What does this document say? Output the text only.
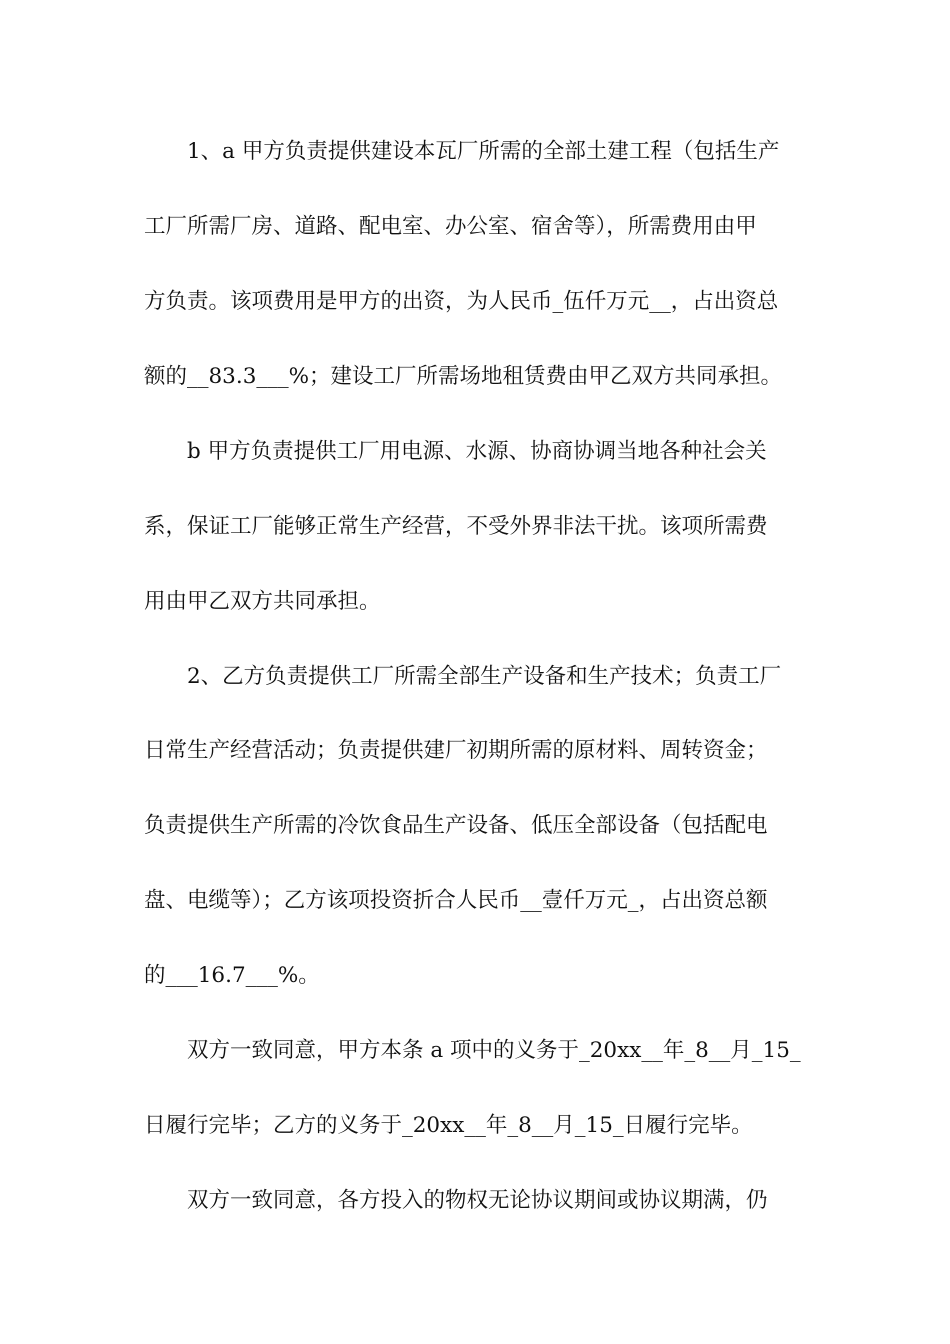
1、a 甲方负责提供建设本瓦厂所需的全部土建工程（包括生产
工厂所需厂房、道路、配电室、办公室、宿舍等），所需费用由甲
方负责。该项费用是甲方的出资，为人民币_伍仟万元__，占出资总
额的__83.3___%；建设工厂所需场地租赁费由甲乙双方共同承担。
b 甲方负责提供工厂用电源、水源、协商协调当地各种社会关
系，保证工厂能够正常生产经营，不受外界非法干扰。该项所需费
用由甲乙双方共同承担。
2、乙方负责提供工厂所需全部生产设备和生产技术；负责工厂
日常生产经营活动；负责提供建厂初期所需的原材料、周转资金；
负责提供生产所需的冷饮食品生产设备、低压全部设备（包括配电
盘、电缆等）；乙方该项投资折合人民币__壹仟万元_，占出资总额
的___16.7___%。
双方一致同意，甲方本条 a 项中的义务于_20xx__年_8__月_15_
日履行完毕；乙方的义务于_20xx__年_8__月_15_日履行完毕。
双方一致同意，各方投入的物权无论协议期间或协议期满，仍
